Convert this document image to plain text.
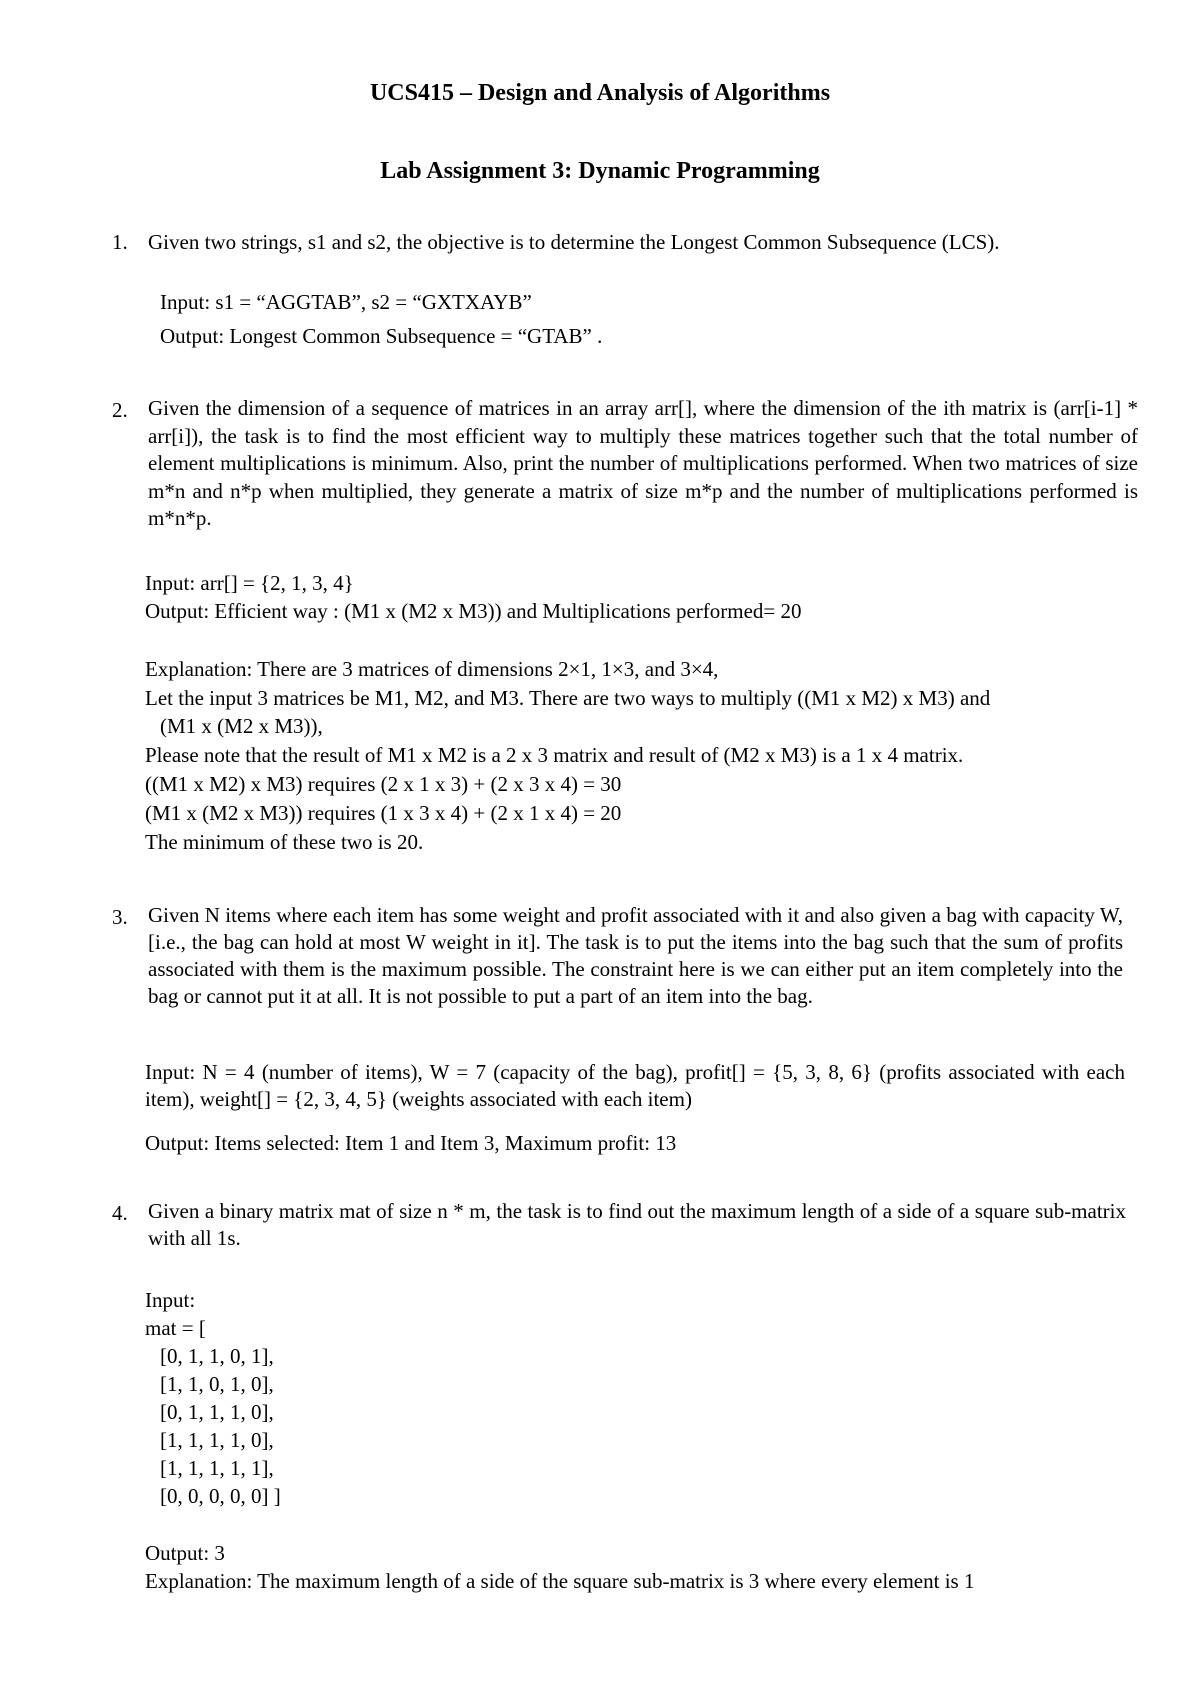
UCS415 – Design and Analysis of Algorithms
Lab Assignment 3: Dynamic Programming
1. Given two strings, s1 and s2, the objective is to determine the Longest Common Subsequence (LCS).
Input: s1 = “AGGTAB”, s2 = “GXTXAYB”
Output: Longest Common Subsequence = “GTAB” .
2. Given the dimension of a sequence of matrices in an array arr[], where the dimension of the ith matrix is (arr[i-1] * arr[i]), the task is to find the most efficient way to multiply these matrices together such that the total number of element multiplications is minimum. Also, print the number of multiplications performed. When two matrices of size m*n and n*p when multiplied, they generate a matrix of size m*p and the number of multiplications performed is m*n*p.
Input: arr[] = {2, 1, 3, 4}
Output: Efficient way : (M1 x (M2 x M3)) and Multiplications performed= 20
Explanation: There are 3 matrices of dimensions 2×1, 1×3, and 3×4,
Let the input 3 matrices be M1, M2, and M3. There are two ways to multiply ((M1 x M2) x M3) and
(M1 x (M2 x M3)),
Please note that the result of M1 x M2 is a 2 x 3 matrix and result of (M2 x M3) is a 1 x 4 matrix.
((M1 x M2) x M3) requires (2 x 1 x 3) + (2 x 3 x 4) = 30
(M1 x (M2 x M3)) requires (1 x 3 x 4) + (2 x 1 x 4) = 20
The minimum of these two is 20.
3. Given N items where each item has some weight and profit associated with it and also given a bag with capacity W, [i.e., the bag can hold at most W weight in it]. The task is to put the items into the bag such that the sum of profits associated with them is the maximum possible. The constraint here is we can either put an item completely into the bag or cannot put it at all. It is not possible to put a part of an item into the bag.
Input: N = 4 (number of items), W = 7 (capacity of the bag), profit[] = {5, 3, 8, 6} (profits associated with each item), weight[] = {2, 3, 4, 5} (weights associated with each item)
Output: Items selected: Item 1 and Item 3, Maximum profit: 13
4. Given a binary matrix mat of size n * m, the task is to find out the maximum length of a side of a square sub-matrix with all 1s.
Input:
mat = [
[0, 1, 1, 0, 1],
[1, 1, 0, 1, 0],
[0, 1, 1, 1, 0],
[1, 1, 1, 1, 0],
[1, 1, 1, 1, 1],
[0, 0, 0, 0, 0] ]
Output: 3
Explanation: The maximum length of a side of the square sub-matrix is 3 where every element is 1
